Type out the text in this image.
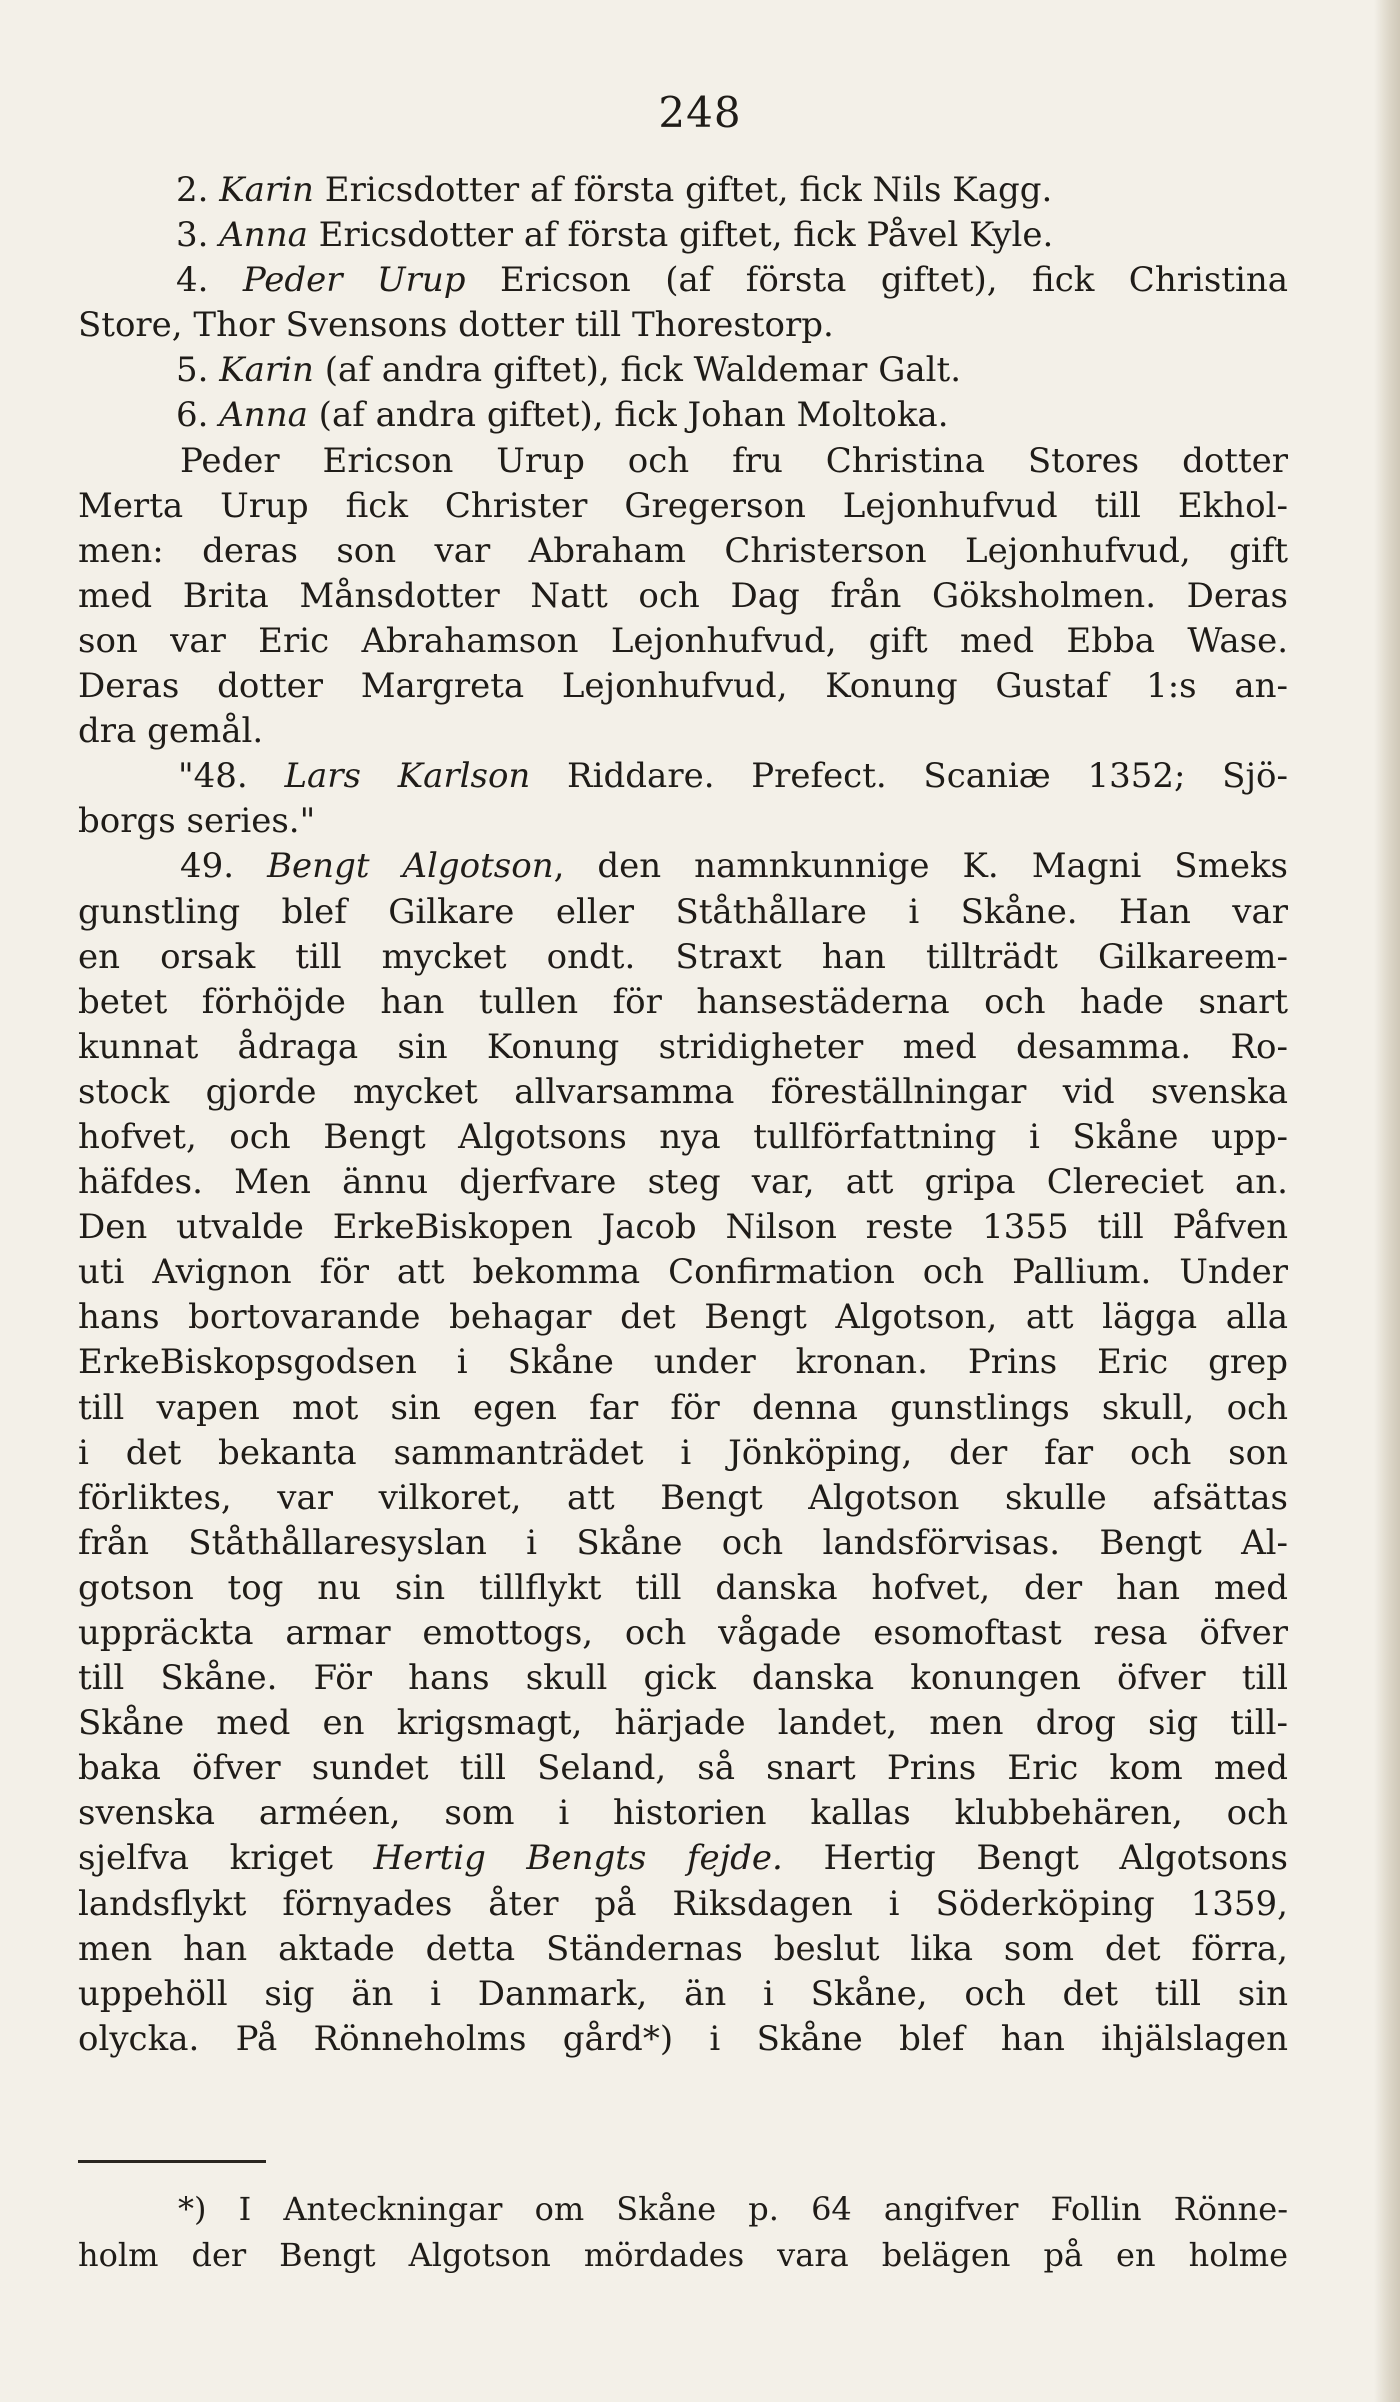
248
2. Karin Ericsdotter af första giftet, fick Nils Kagg.
3. Anna Ericsdotter af första giftet, fick Påvel Kyle.
4. Peder Urup Ericson (af första giftet), fick Christina
Store, Thor Svensons dotter till Thorestorp.
5. Karin (af andra giftet), fick Waldemar Galt.
6. Anna (af andra giftet), fick Johan Moltoka.
Peder Ericson Urup och fru Christina Stores dotter
Merta Urup fick Christer Gregerson Lejonhufvud till Ekhol-
men: deras son var Abraham Christerson Lejonhufvud, gift
med Brita Månsdotter Natt och Dag från Göksholmen. Deras
son var Eric Abrahamson Lejonhufvud, gift med Ebba Wase.
Deras dotter Margreta Lejonhufvud, Konung Gustaf 1:s an-
dra gemål.
"48. Lars Karlson Riddare. Prefect. Scaniæ 1352; Sjö-
borgs series."
49. Bengt Algotson, den namnkunnige K. Magni Smeks
gunstling blef Gilkare eller Ståthållare i Skåne. Han var
en orsak till mycket ondt. Straxt han tillträdt Gilkareem-
betet förhöjde han tullen för hansestäderna och hade snart
kunnat ådraga sin Konung stridigheter med desamma. Ro-
stock gjorde mycket allvarsamma föreställningar vid svenska
hofvet, och Bengt Algotsons nya tullförfattning i Skåne upp-
häfdes. Men ännu djerfvare steg var, att gripa Clereciet an.
Den utvalde ErkeBiskopen Jacob Nilson reste 1355 till Påfven
uti Avignon för att bekomma Confirmation och Pallium. Under
hans bortovarande behagar det Bengt Algotson, att lägga alla
ErkeBiskopsgodsen i Skåne under kronan. Prins Eric grep
till vapen mot sin egen far för denna gunstlings skull, och
i det bekanta sammanträdet i Jönköping, der far och son
förliktes, var vilkoret, att Bengt Algotson skulle afsättas
från Ståthållaresyslan i Skåne och landsförvisas. Bengt Al-
gotson tog nu sin tillflykt till danska hofvet, der han med
uppräckta armar emottogs, och vågade esomoftast resa öfver
till Skåne. För hans skull gick danska konungen öfver till
Skåne med en krigsmagt, härjade landet, men drog sig till-
baka öfver sundet till Seland, så snart Prins Eric kom med
svenska arméen, som i historien kallas klubbehären, och
sjelfva kriget Hertig Bengts fejde. Hertig Bengt Algotsons
landsflykt förnyades åter på Riksdagen i Söderköping 1359,
men han aktade detta Ständernas beslut lika som det förra,
uppehöll sig än i Danmark, än i Skåne, och det till sin
olycka. På Rönneholms gård*) i Skåne blef han ihjälslagen
*) I Anteckningar om Skåne p. 64 angifver Follin Rönne-
holm der Bengt Algotson mördades vara belägen på en holme
